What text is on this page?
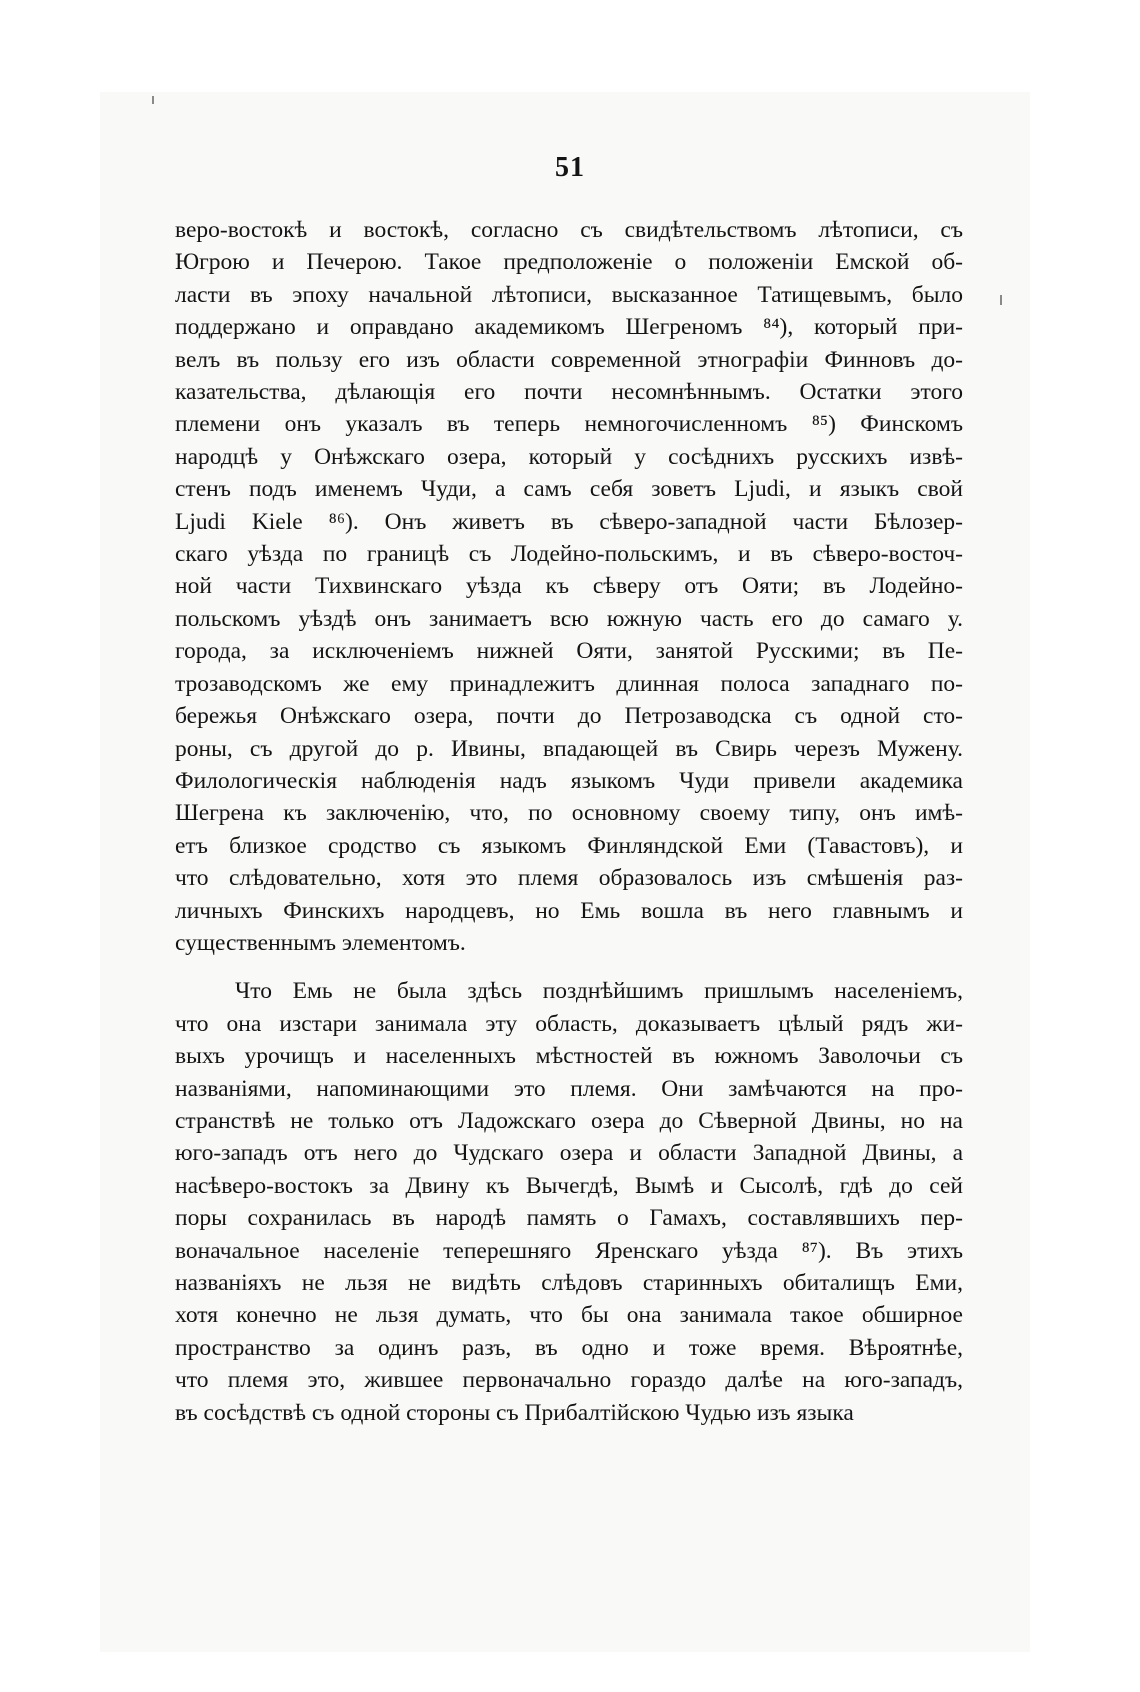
51
веро-востокѣ и востокѣ, согласно съ свидѣтельствомъ лѣтописи, съ
Югрою и Печерою. Такое предположеніе о положеніи Емской об-
ласти въ эпоху начальной лѣтописи, высказанное Татищевымъ, было
поддержано и оправдано академикомъ Шегреномъ ⁸⁴), который при-
велъ въ пользу его изъ области современной этнографіи Финновъ до-
казательства, дѣлающія его почти несомнѣннымъ. Остатки этого
племени онъ указалъ въ теперь немногочисленномъ ⁸⁵) Финскомъ
народцѣ у Онѣжскаго озера, который у сосѣднихъ русскихъ извѣ-
стенъ подъ именемъ Чуди, а самъ себя зоветъ Ljudi, и языкъ свой
Ljudi Kiele ⁸⁶). Онъ живетъ въ сѣверо-западной части Бѣлозер-
скаго уѣзда по границѣ съ Лодейно-польскимъ, и въ сѣверо-восточ-
ной части Тихвинскаго уѣзда къ сѣверу отъ Ояти; въ Лодейно-
польскомъ уѣздѣ онъ занимаетъ всю южную часть его до самаго у.
города, за исключеніемъ нижней Ояти, занятой Русскими; въ Пе-
трозаводскомъ же ему принадлежитъ длинная полоса западнаго по-
бережья Онѣжскаго озера, почти до Петрозаводска съ одной сто-
роны, съ другой до р. Ивины, впадающей въ Свирь черезъ Мужену.
Филологическія наблюденія надъ языкомъ Чуди привели академика
Шегрена къ заключенію, что, по основному своему типу, онъ имѣ-
етъ близкое сродство съ языкомъ Финляндской Еми (Тавастовъ), и
что слѣдовательно, хотя это племя образовалось изъ смѣшенія раз-
личныхъ Финскихъ народцевъ, но Емь вошла въ него главнымъ и
существеннымъ элементомъ.
Что Емь не была здѣсь позднѣйшимъ пришлымъ населеніемъ,
что она изстари занимала эту область, доказываетъ цѣлый рядъ жи-
выхъ урочищъ и населенныхъ мѣстностей въ южномъ Заволочьи съ
названіями, напоминающими это племя. Они замѣчаются на про-
странствѣ не только отъ Ладожскаго озера до Сѣверной Двины, но на
юго-западъ отъ него до Чудскаго озера и области Западной Двины, а
насѣверо-востокъ за Двину къ Вычегдѣ, Вымѣ и Сысолѣ, гдѣ до сей
поры сохранилась въ народѣ память о Гамахъ, составлявшихъ пер-
воначальное населеніе теперешняго Яренскаго уѣзда ⁸⁷). Въ этихъ
названіяхъ не льзя не видѣть слѣдовъ старинныхъ обиталищъ Еми,
хотя конечно не льзя думать, что бы она занимала такое обширное
пространство за одинъ разъ, въ одно и тоже время. Вѣроятнѣе,
что племя это, жившее первоначально гораздо далѣе на юго-западъ,
въ сосѣдствѣ съ одной стороны съ Прибалтійскою Чудью изъ языка
